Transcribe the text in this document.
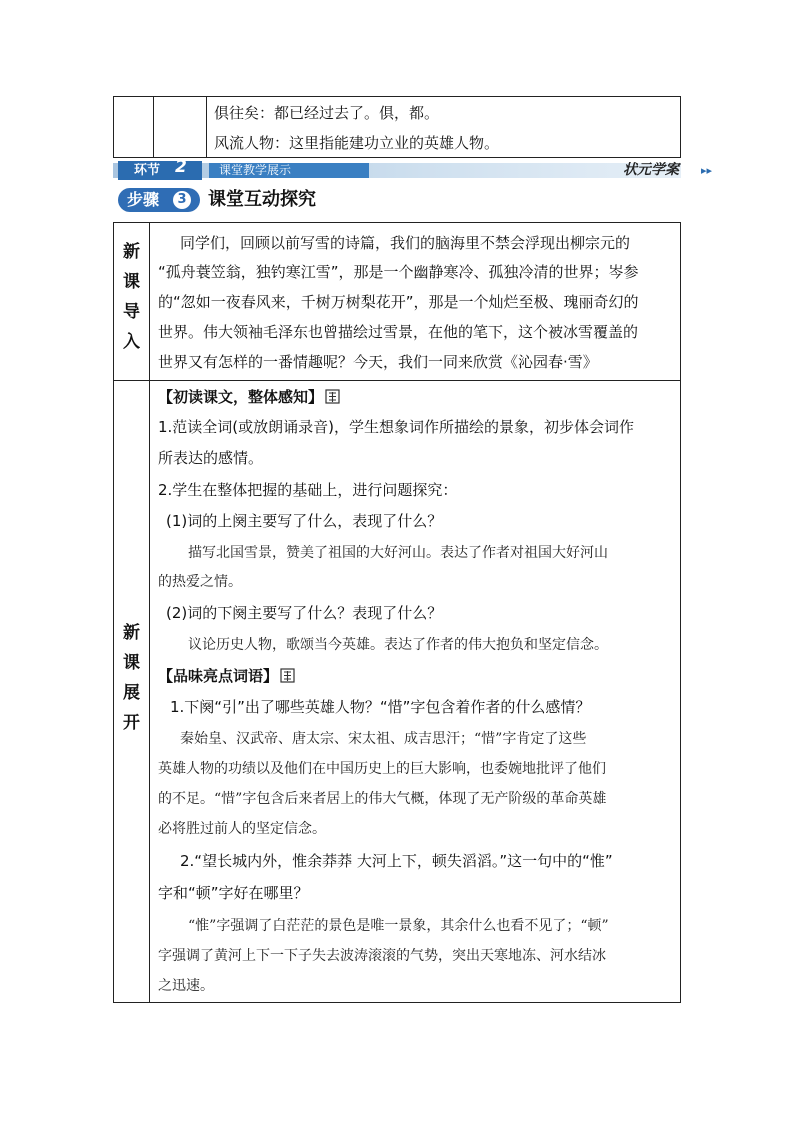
俱往矣：都已经过去了。俱，都。
风流人物：这里指能建功立业的英雄人物。
环节 2	课堂教学展示	状元学案 ▸▸
步骤	3 课堂互动探究
新
课
导
入
同学们，回顾以前写雪的诗篇，我们的脑海里不禁会浮现出柳宗元的
“孤舟蓑笠翁，独钓寒江雪”，那是一个幽静寒冷、孤独冷清的世界；岑参
的“忽如一夜春风来，千树万树梨花开”，那是一个灿烂至极、瑰丽奇幻的
世界。伟大领袖毛泽东也曾描绘过雪景，在他的笔下，这个被冰雪覆盖的
世界又有怎样的一番情趣呢？今天，我们一同来欣赏《沁园春·雪》
新
课
展
开
【初读课文，整体感知】
1.范读全词(或放朗诵录音)，学生想象词作所描绘的景象，初步体会词作
所表达的感情。
2.学生在整体把握的基础上，进行问题探究：
(1)词的上阕主要写了什么，表现了什么？
描写北国雪景，赞美了祖国的大好河山。表达了作者对祖国大好河山
的热爱之情。
(2)词的下阕主要写了什么？表现了什么？
议论历史人物，歌颂当今英雄。表达了作者的伟大抱负和坚定信念。
【品味亮点词语】
1.下阕“引”出了哪些英雄人物？“惜”字包含着作者的什么感情？
秦始皇、汉武帝、唐太宗、宋太祖、成吉思汗；“惜”字肯定了这些
英雄人物的功绩以及他们在中国历史上的巨大影响，也委婉地批评了他们
的不足。“惜”字包含后来者居上的伟大气概，体现了无产阶级的革命英雄
必将胜过前人的坚定信念。
2.“望长城内外，惟余莽莽 大河上下，顿失滔滔。”这一句中的“惟”
字和“顿”字好在哪里？
“惟”字强调了白茫茫的景色是唯一景象，其余什么也看不见了；“顿”
字强调了黄河上下一下子失去波涛滚滚的气势，突出天寒地冻、河水结冰
之迅速。
